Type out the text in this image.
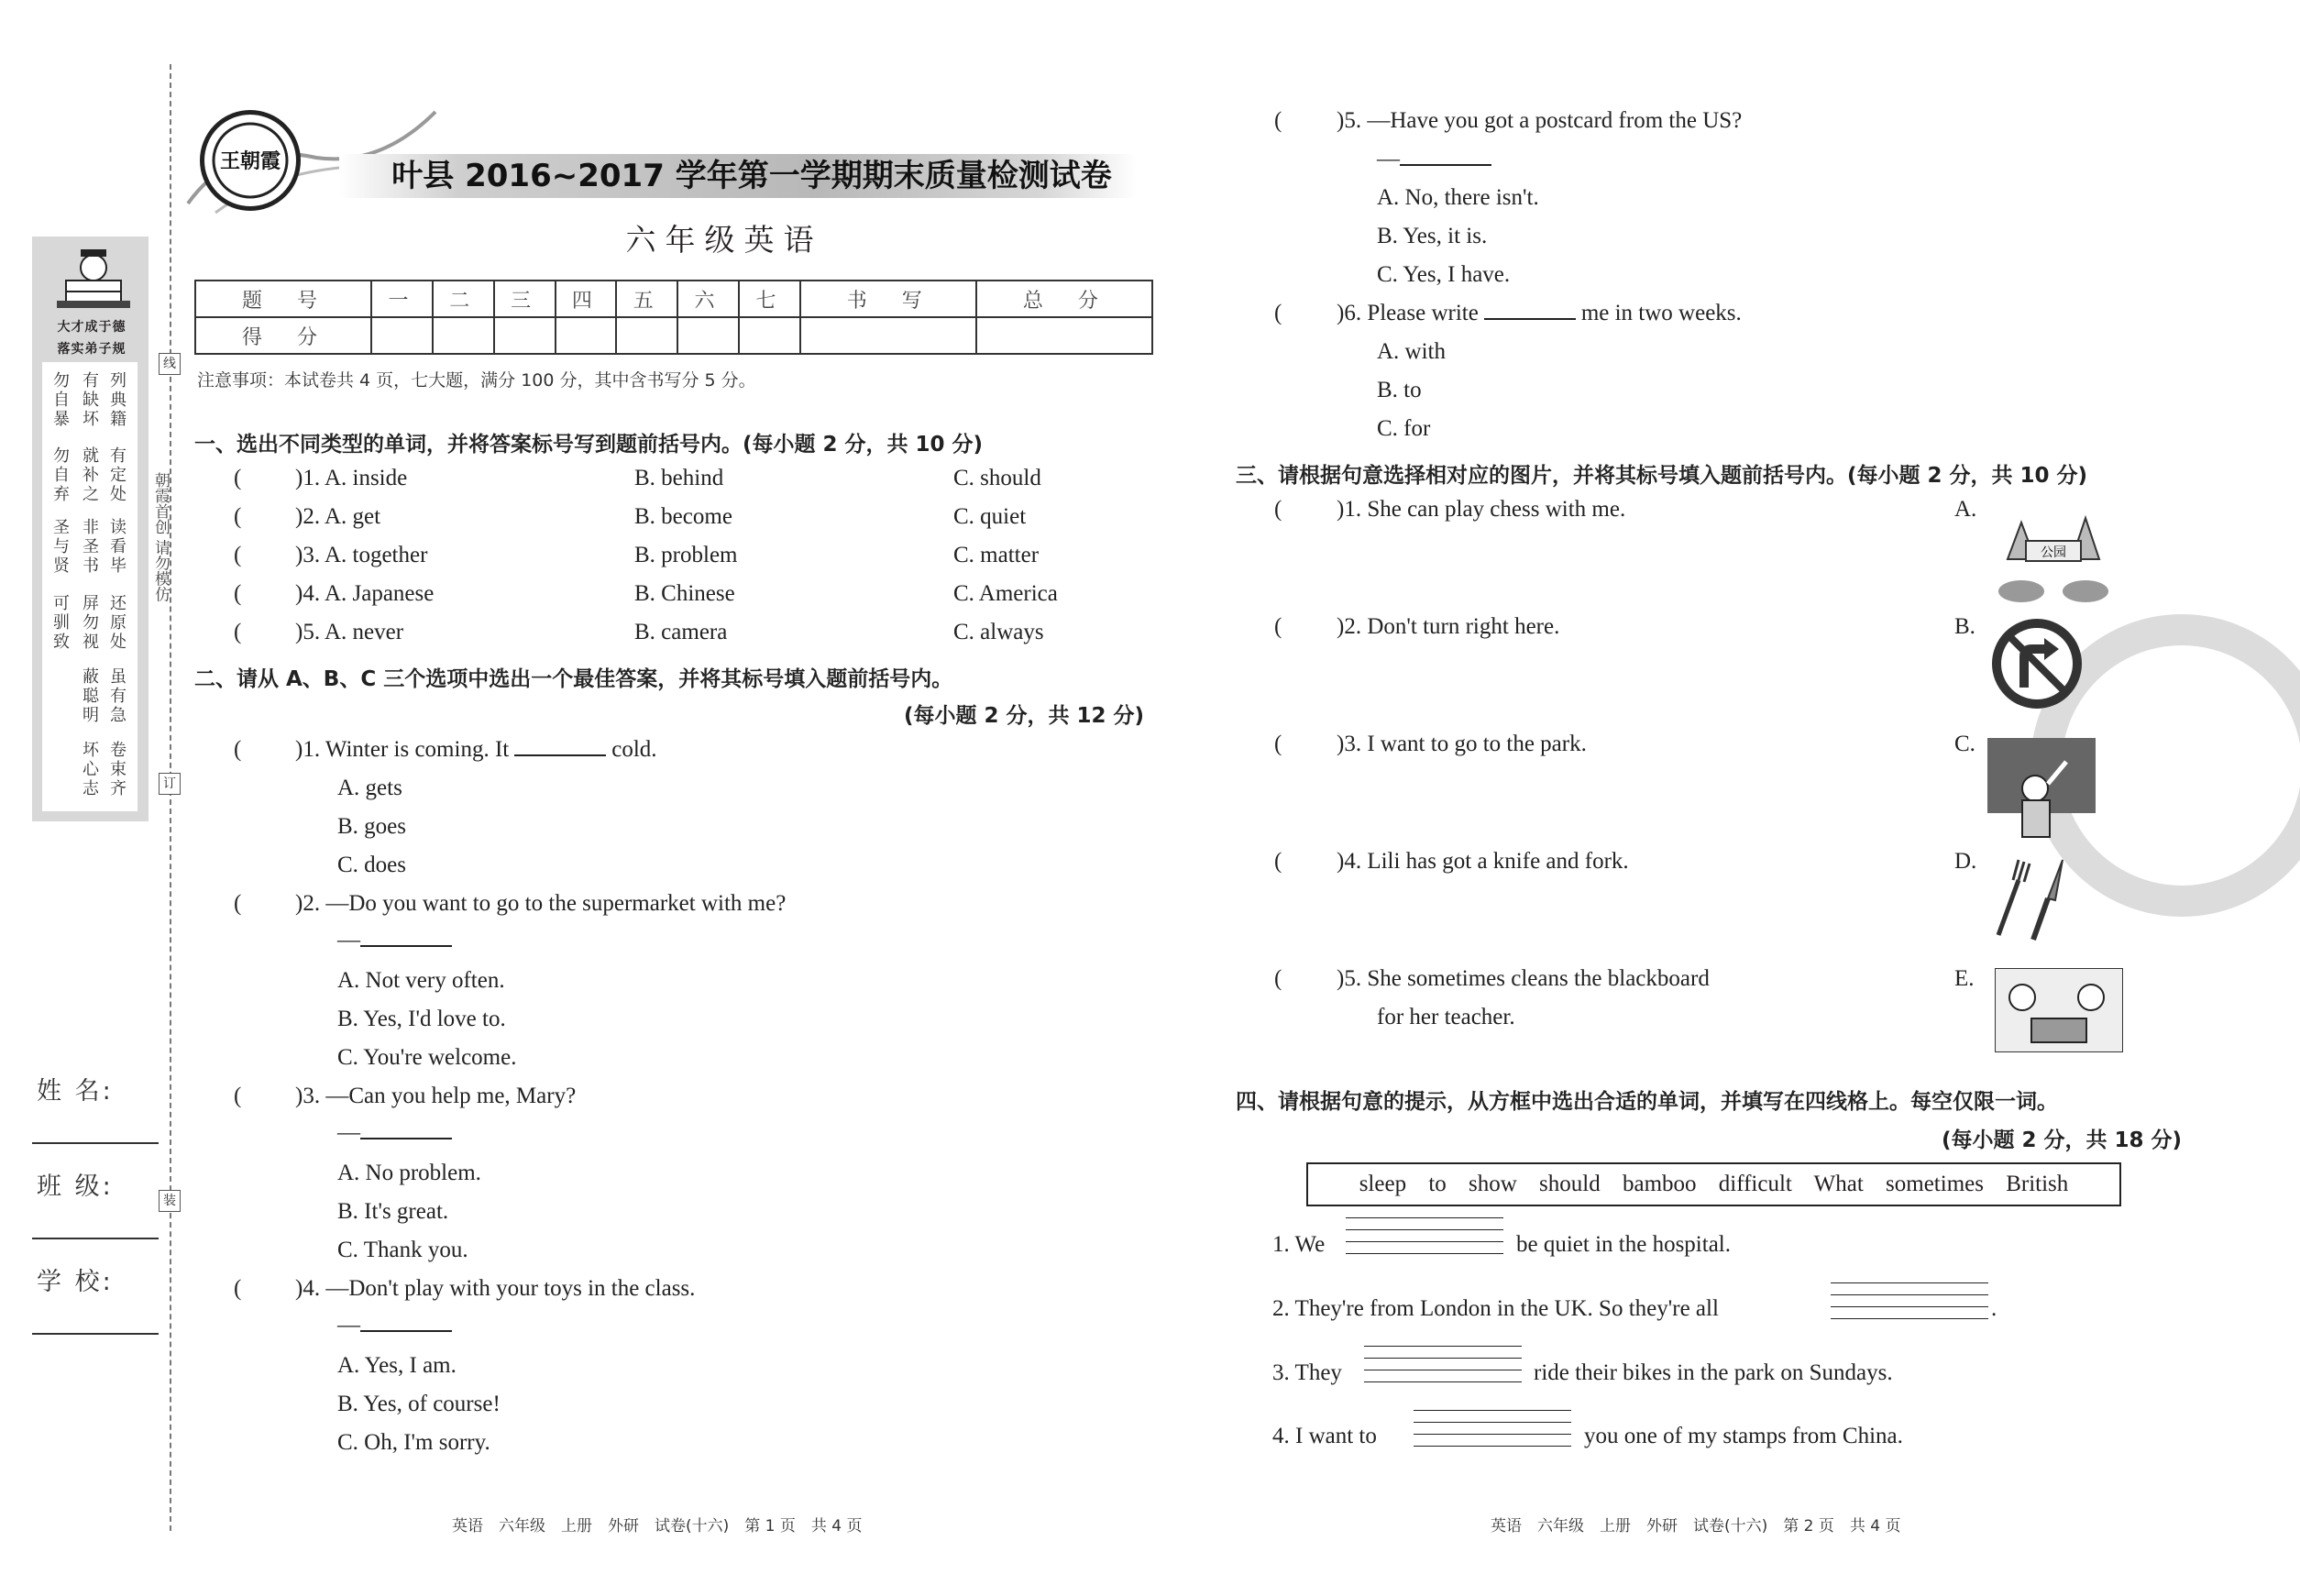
大才成于德
落实弟子规
勿自暴
有缺坏
列典籍
勿自弃
就补之
有定处
圣与贤
非圣书
读看毕
可驯致
屏勿视
还原处
蔽聪明
虽有急
坏心志
卷束齐
姓 名:
班 级:
学 校:
线
订
装
朝霞首创 请勿模仿
王朝霞	叶县 2016~2017 学年第一学期期末质量检测试卷
六年级英语
题　号	一	二	三	四	五	六	七	书　写	总　分
得　分									
注意事项：本试卷共 4 页，七大题，满分 100 分，其中含书写分 5 分。
一、选出不同类型的单词，并将答案标号写到题前括号内。(每小题 2 分，共 10 分)
( )1. A. inside	B. behind	C. should
( )2. A. get	B. become	C. quiet
( )3. A. together	B. problem	C. matter
( )4. A. Japanese	B. Chinese	C. America
( )5. A. never	B. camera	C. always
二、请从 A、B、C 三个选项中选出一个最佳答案，并将其标号填入题前括号内。
(每小题 2 分，共 12 分)
( )1. Winter is coming. It	cold.
A. gets
B. goes
C. does
( )2. —Do you want to go to the supermarket with me?
—
A. Not very often.
B. Yes, I'd love to.
C. You're welcome.
( )3. —Can you help me, Mary?
—
A. No problem.
B. It's great.
C. Thank you.
( )4. —Don't play with your toys in the class.
—
A. Yes, I am.
B. Yes, of course!
C. Oh, I'm sorry.
英语　六年级　上册　外研　试卷(十六)　第 1 页　共 4 页
( )5. —Have you got a postcard from the US?
—
A. No, there isn't.
B. Yes, it is.
C. Yes, I have.
( )6. Please write	me in two weeks.
A. with
B. to
C. for
三、请根据句意选择相对应的图片，并将其标号填入题前括号内。(每小题 2 分，共 10 分)
( )1. She can play chess with me.	A.
公园
( )2. Don't turn right here.	B.
( )3. I want to go to the park.	C.
( )4. Lili has got a knife and fork.	D.
( )5. She sometimes cleans the blackboard
for her teacher.
E.
四、请根据句意的提示，从方框中选出合适的单词，并填写在四线格上。每空仅限一词。
(每小题 2 分，共 18 分)
sleep to show should bamboo difficult What sometimes British
1. We	be quiet in the hospital.
2. They're from London in the UK. So they're all	.
3. They	ride their bikes in the park on Sundays.
4. I want to	you one of my stamps from China.
英语　六年级　上册　外研　试卷(十六)　第 2 页　共 4 页
